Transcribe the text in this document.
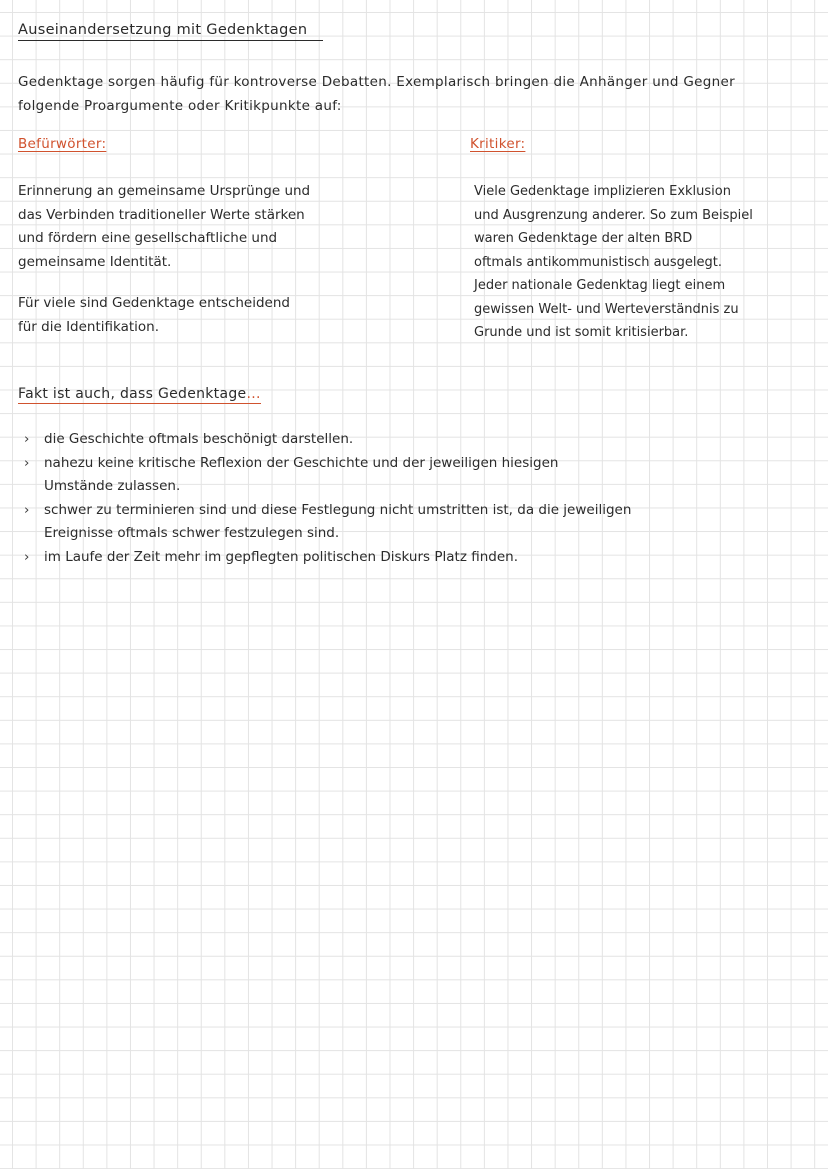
Auseinandersetzung mit Gedenktagen
Gedenktage sorgen häufig für kontroverse Debatten. Exemplarisch bringen die Anhänger und Gegner
folgende Proargumente oder Kritikpunkte auf:
Befürwörter:	Kritiker:
Erinnerung an gemeinsame Ursprünge und
das Verbinden traditioneller Werte stärken
und fördern eine gesellschaftliche und
gemeinsame Identität.
Für viele sind Gedenktage entscheidend
für die Identifikation.
Viele Gedenktage implizieren Exklusion
und Ausgrenzung anderer. So zum Beispiel
waren Gedenktage der alten BRD
oftmals antikommunistisch ausgelegt.
Jeder nationale Gedenktag liegt einem
gewissen Welt- und Werteverständnis zu
Grunde und ist somit kritisierbar.
Fakt ist auch, dass Gedenktage...
›	die Geschichte oftmals beschönigt darstellen.
›	nahezu keine kritische Reflexion der Geschichte und der jeweiligen hiesigen
Umstände zulassen.
›	schwer zu terminieren sind und diese Festlegung nicht umstritten ist, da die jeweiligen
Ereignisse oftmals schwer festzulegen sind.
›	im Laufe der Zeit mehr im gepflegten politischen Diskurs Platz finden.
